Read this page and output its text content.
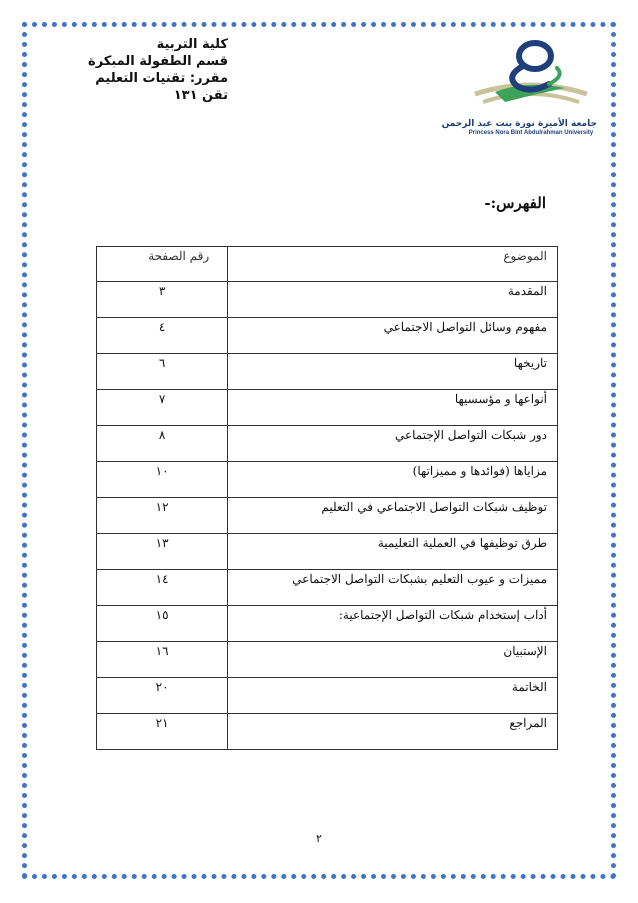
كلية التربية
قسم الطفولة المبكرة
مقرر: تقنيات التعليم
تقن ١٣١
جامعة الأميرة نورة بنت عبد الرحمن
Princess Nora Bint Abdulrahman University
الفهرس:-
الموضوع	رقم الصفحة
المقدمة	٣
مفهوم وسائل التواصل الاجتماعي	٤
تاريخها	٦
أنواعها و مؤسسيها	٧
دور شبكات التواصل الإجتماعي	٨
مزاياها (فوائدها و مميزاتها)	١٠
توظيف شبكات التواصل الاجتماعي في التعليم	١٢
طرق توظيفها في العملية التعليمية	١٣
مميزات و عيوب التعليم بشبكات التواصل الاجتماعي	١٤
أداب إستخدام شبكات التواصل الإجتماعية:	١٥
الإستبيان	١٦
الخاتمة	٢٠
المراجع	٢١
٢
